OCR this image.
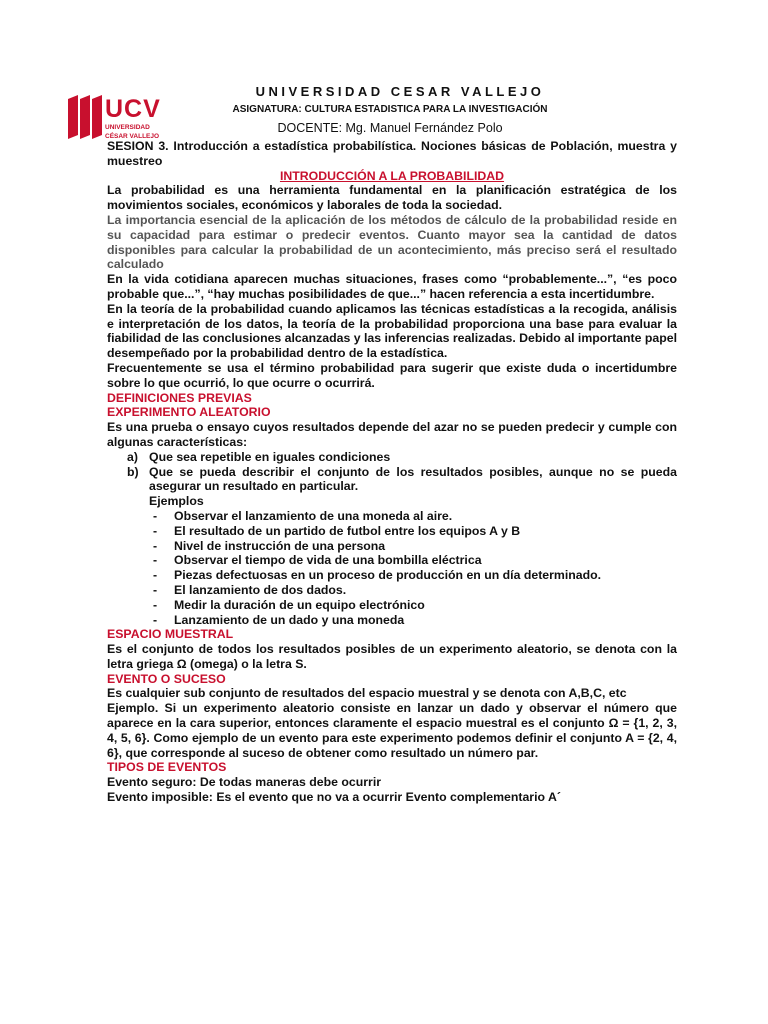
UCV
UNIVERSIDAD
CÉSAR VALLEJO
UNIVERSIDAD CESAR VALLEJO
ASIGNATURA: CULTURA ESTADISTICA PARA LA INVESTIGACIÓN
DOCENTE: Mg. Manuel Fernández Polo

SESION 3. Introducción a estadística probabilística. Nociones básicas de Población, muestra y muestreo

INTRODUCCIÓN A LA PROBABILIDAD

La probabilidad es una herramienta fundamental en la planificación estratégica de los movimientos sociales, económicos y laborales de toda la sociedad.

La importancia esencial de la aplicación de los métodos de cálculo de la probabilidad reside en su capacidad para estimar o predecir eventos. Cuanto mayor sea la cantidad de datos disponibles para calcular la probabilidad de un acontecimiento, más preciso será el resultado calculado

En la vida cotidiana aparecen muchas situaciones, frases como “probablemente...”, “es poco probable que...”, “hay muchas posibilidades de que...” hacen referencia a esta incertidumbre.

En la teoría de la probabilidad cuando aplicamos las técnicas estadísticas a la recogida, análisis e interpretación de los datos, la teoría de la probabilidad proporciona una base para evaluar la fiabilidad de las conclusiones alcanzadas y las inferencias realizadas. Debido al importante papel desempeñado por la probabilidad dentro de la estadística.

Frecuentemente se usa el término probabilidad para sugerir que existe duda o incertidumbre sobre lo que ocurrió, lo que ocurre o ocurrirá.

DEFINICIONES PREVIAS

EXPERIMENTO ALEATORIO

Es una prueba o ensayo cuyos resultados depende del azar no se pueden predecir y cumple con algunas características:

a) Que sea repetible en iguales condiciones
b) Que se pueda describir el conjunto de los resultados posibles, aunque no se pueda asegurar un resultado en particular.

Ejemplos

- Observar el lanzamiento de una moneda al aire.
- El resultado de un partido de futbol entre los equipos A y B
- Nivel de instrucción de una persona
- Observar el tiempo de vida de una bombilla eléctrica
- Piezas defectuosas en un proceso de producción en un día determinado.
- El lanzamiento de dos dados.
- Medir la duración de un equipo electrónico
- Lanzamiento de un dado y una moneda

ESPACIO MUESTRAL

Es el conjunto de todos los resultados posibles de un experimento aleatorio, se denota con la letra griega Ω (omega) o la letra S.

EVENTO O SUCESO

Es cualquier sub conjunto de resultados del espacio muestral y se denota con A,B,C, etc

Ejemplo. Si un experimento aleatorio consiste en lanzar un dado y observar el número que aparece en la cara superior, entonces claramente el espacio muestral es el conjunto Ω = {1, 2, 3, 4, 5, 6}. Como ejemplo de un evento para este experimento podemos definir el conjunto A = {2, 4, 6}, que corresponde al suceso de obtener como resultado un número par.

TIPOS DE EVENTOS

Evento seguro: De todas maneras debe ocurrir

Evento imposible: Es el evento que no va a ocurrir Evento complementario A´
